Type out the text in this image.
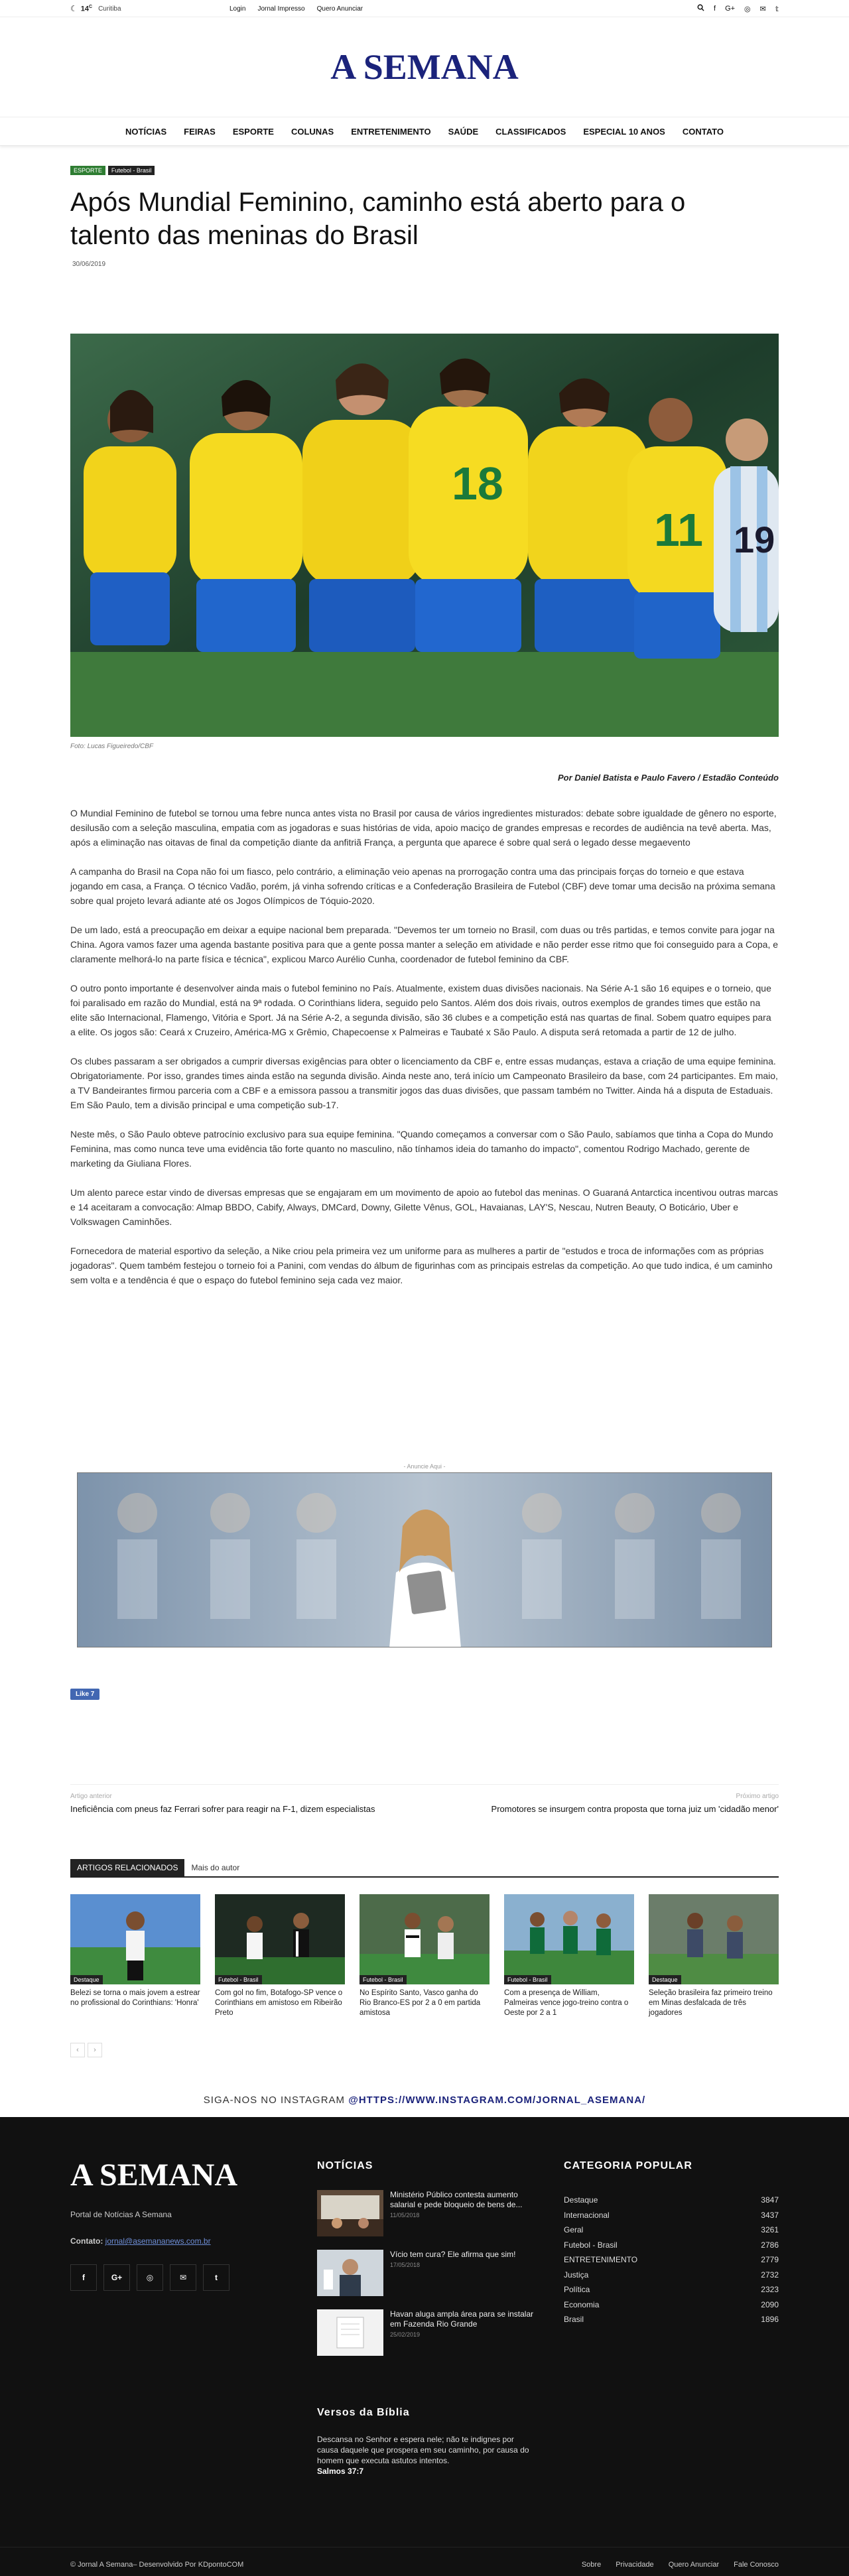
☾ $14^C$ Curitiba	Login Jornal Impresso Quero Anunciar	f G+ ◎ ✉ 𝕥
A SEMANA
NOTÍCIAS FEIRAS ESPORTE COLUNAS ENTRETENIMENTO SAÚDE CLASSIFICADOS ESPECIAL 10 ANOS CONTATO
ESPORTE	Futebol - Brasil
Após Mundial Feminino, caminho está aberto para o talento das meninas do Brasil
30/06/2019
18
11 19
Foto: Lucas Figueiredo/CBF
Por Daniel Batista e Paulo Favero / Estadão Conteúdo

O Mundial Feminino de futebol se tornou uma febre nunca antes vista no Brasil por causa de vários ingredientes misturados: debate sobre igualdade de gênero no esporte, desilusão com a seleção masculina, empatia com as jogadoras e suas histórias de vida, apoio maciço de grandes empresas e recordes de audiência na tevê aberta. Mas, após a eliminação nas oitavas de final da competição diante da anfitriã França, a pergunta que aparece é sobre qual será o legado desse megaevento

A campanha do Brasil na Copa não foi um fiasco, pelo contrário, a eliminação veio apenas na prorrogação contra uma das principais forças do torneio e que estava jogando em casa, a França. O técnico Vadão, porém, já vinha sofrendo críticas e a Confederação Brasileira de Futebol (CBF) deve tomar uma decisão na próxima semana sobre qual projeto levará adiante até os Jogos Olímpicos de Tóquio-2020.

De um lado, está a preocupação em deixar a equipe nacional bem preparada. "Devemos ter um torneio no Brasil, com duas ou três partidas, e temos convite para jogar na China. Agora vamos fazer uma agenda bastante positiva para que a gente possa manter a seleção em atividade e não perder esse ritmo que foi conseguido para a Copa, e claramente melhorá-lo na parte física e técnica", explicou Marco Aurélio Cunha, coordenador de futebol feminino da CBF.

O outro ponto importante é desenvolver ainda mais o futebol feminino no País. Atualmente, existem duas divisões nacionais. Na Série A-1 são 16 equipes e o torneio, que foi paralisado em razão do Mundial, está na 9ª rodada. O Corinthians lidera, seguido pelo Santos. Além dos dois rivais, outros exemplos de grandes times que estão na elite são Internacional, Flamengo, Vitória e Sport. Já na Série A-2, a segunda divisão, são 36 clubes e a competição está nas quartas de final. Sobem quatro equipes para a elite. Os jogos são: Ceará x Cruzeiro, América-MG x Grêmio, Chapecoense x Palmeiras e Taubaté x São Paulo. A disputa será retomada a partir de 12 de julho.

Os clubes passaram a ser obrigados a cumprir diversas exigências para obter o licenciamento da CBF e, entre essas mudanças, estava a criação de uma equipe feminina. Obrigatoriamente. Por isso, grandes times ainda estão na segunda divisão. Ainda neste ano, terá início um Campeonato Brasileiro da base, com 24 participantes. Em maio, a TV Bandeirantes firmou parceria com a CBF e a emissora passou a transmitir jogos das duas divisões, que passam também no Twitter. Ainda há a disputa de Estaduais. Em São Paulo, tem a divisão principal e uma competição sub-17.

Neste mês, o São Paulo obteve patrocínio exclusivo para sua equipe feminina. "Quando começamos a conversar com o São Paulo, sabíamos que tinha a Copa do Mundo Feminina, mas como nunca teve uma evidência tão forte quanto no masculino, não tínhamos ideia do tamanho do impacto", comentou Rodrigo Machado, gerente de marketing da Giuliana Flores.

Um alento parece estar vindo de diversas empresas que se engajaram em um movimento de apoio ao futebol das meninas. O Guaraná Antarctica incentivou outras marcas e 14 aceitaram a convocação: Almap BBDO, Cabify, Always, DMCard, Downy, Gilette Vênus, GOL, Havaianas, LAY'S, Nescau, Nutren Beauty, O Boticário, Uber e Volkswagen Caminhões.

Fornecedora de material esportivo da seleção, a Nike criou pela primeira vez um uniforme para as mulheres a partir de "estudos e troca de informações com as próprias jogadoras". Quem também festejou o torneio foi a Panini, com vendas do álbum de figurinhas com as principais estrelas da competição. Ao que tudo indica, é um caminho sem volta e a tendência é que o espaço do futebol feminino seja cada vez maior.

- Anuncie Aqui -
Like 7
Artigo anterior
Ineficiência com pneus faz Ferrari sofrer para reagir na F-1, dizem especialistas
Próximo artigo
Promotores se insurgem contra proposta que torna juiz um 'cidadão menor'
ARTIGOS RELACIONADOS	Mais do autor
Destaque
Belezi se torna o mais jovem a estrear no profissional do Corinthians: 'Honra'
Futebol - Brasil
Com gol no fim, Botafogo-SP vence o Corinthians em amistoso em Ribeirão Preto
Futebol - Brasil
No Espírito Santo, Vasco ganha do Rio Branco-ES por 2 a 0 em partida amistosa
Futebol - Brasil
Com a presença de William, Palmeiras vence jogo-treino contra o Oeste por 2 a 1
Destaque
Seleção brasileira faz primeiro treino em Minas desfalcada de três jogadores
‹	›
SIGA-NOS NO INSTAGRAM @HTTPS://WWW.INSTAGRAM.COM/JORNAL_ASEMANA/
A SEMANA
Portal de Notícias A Semana
Contato: jornal@asemananews.com.br
f	G+	◎	✉	t
NOTÍCIAS
Ministério Público contesta aumento salarial e pede bloqueio de bens de...
11/05/2018
Vício tem cura? Ele afirma que sim!
17/05/2018
Havan aluga ampla área para se instalar em Fazenda Rio Grande
25/02/2019
CATEGORIA POPULAR
Destaque	3847
Internacional	3437
Geral	3261
Futebol - Brasil	2786
ENTRETENIMENTO	2779
Justiça	2732
Política	2323
Economia	2090
Brasil	1896
Versos da Bíblia
Descansa no Senhor e espera nele; não te indignes por causa daquele que prospera em seu caminho, por causa do homem que executa astutos intentos.
Salmos 37:7
© Jornal A Semana– Desenvolvido Por KDpontoCOM	Sobre Privacidade Quero Anunciar Fale Conosco
